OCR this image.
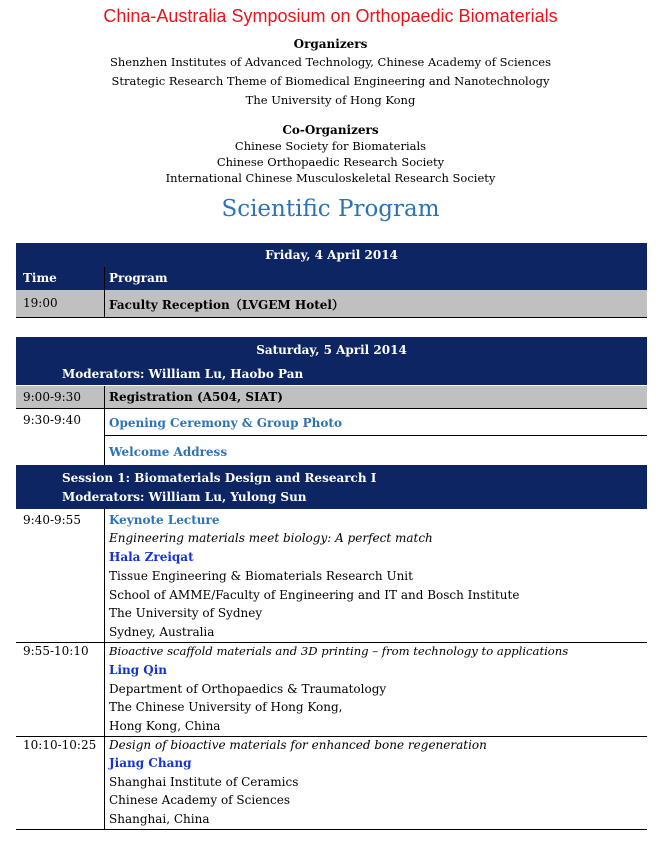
China-Australia Symposium on Orthopaedic Biomaterials
Organizers
Shenzhen Institutes of Advanced Technology, Chinese Academy of Sciences
Strategic Research Theme of Biomedical Engineering and Nanotechnology
The University of Hong Kong
Co-Organizers
Chinese Society for Biomaterials
Chinese Orthopaedic Research Society
International Chinese Musculoskeletal Research Society
Scientific Program
Friday, 4 April 2014
Time	Program
19:00	Faculty Reception（LVGEM Hotel）
Saturday, 5 April 2014
Moderators: William Lu, Haobo Pan
9:00-9:30 Registration (A504, SIAT)
9:30-9:40 Opening Ceremony & Group Photo
Welcome Address
Session 1: Biomaterials Design and Research I
Moderators: William Lu, Yulong Sun
9:40-9:55 Keynote Lecture
Engineering materials meet biology: A perfect match
Hala Zreiqat
Tissue Engineering & Biomaterials Research Unit
School of AMME/Faculty of Engineering and IT and Bosch Institute
The University of Sydney
Sydney, Australia
9:55-10:10 Bioactive scaffold materials and 3D printing – from technology to applications
Ling Qin
Department of Orthopaedics & Traumatology
The Chinese University of Hong Kong,
Hong Kong, China
10:10-10:25 Design of bioactive materials for enhanced bone regeneration
Jiang Chang
Shanghai Institute of Ceramics
Chinese Academy of Sciences
Shanghai, China
